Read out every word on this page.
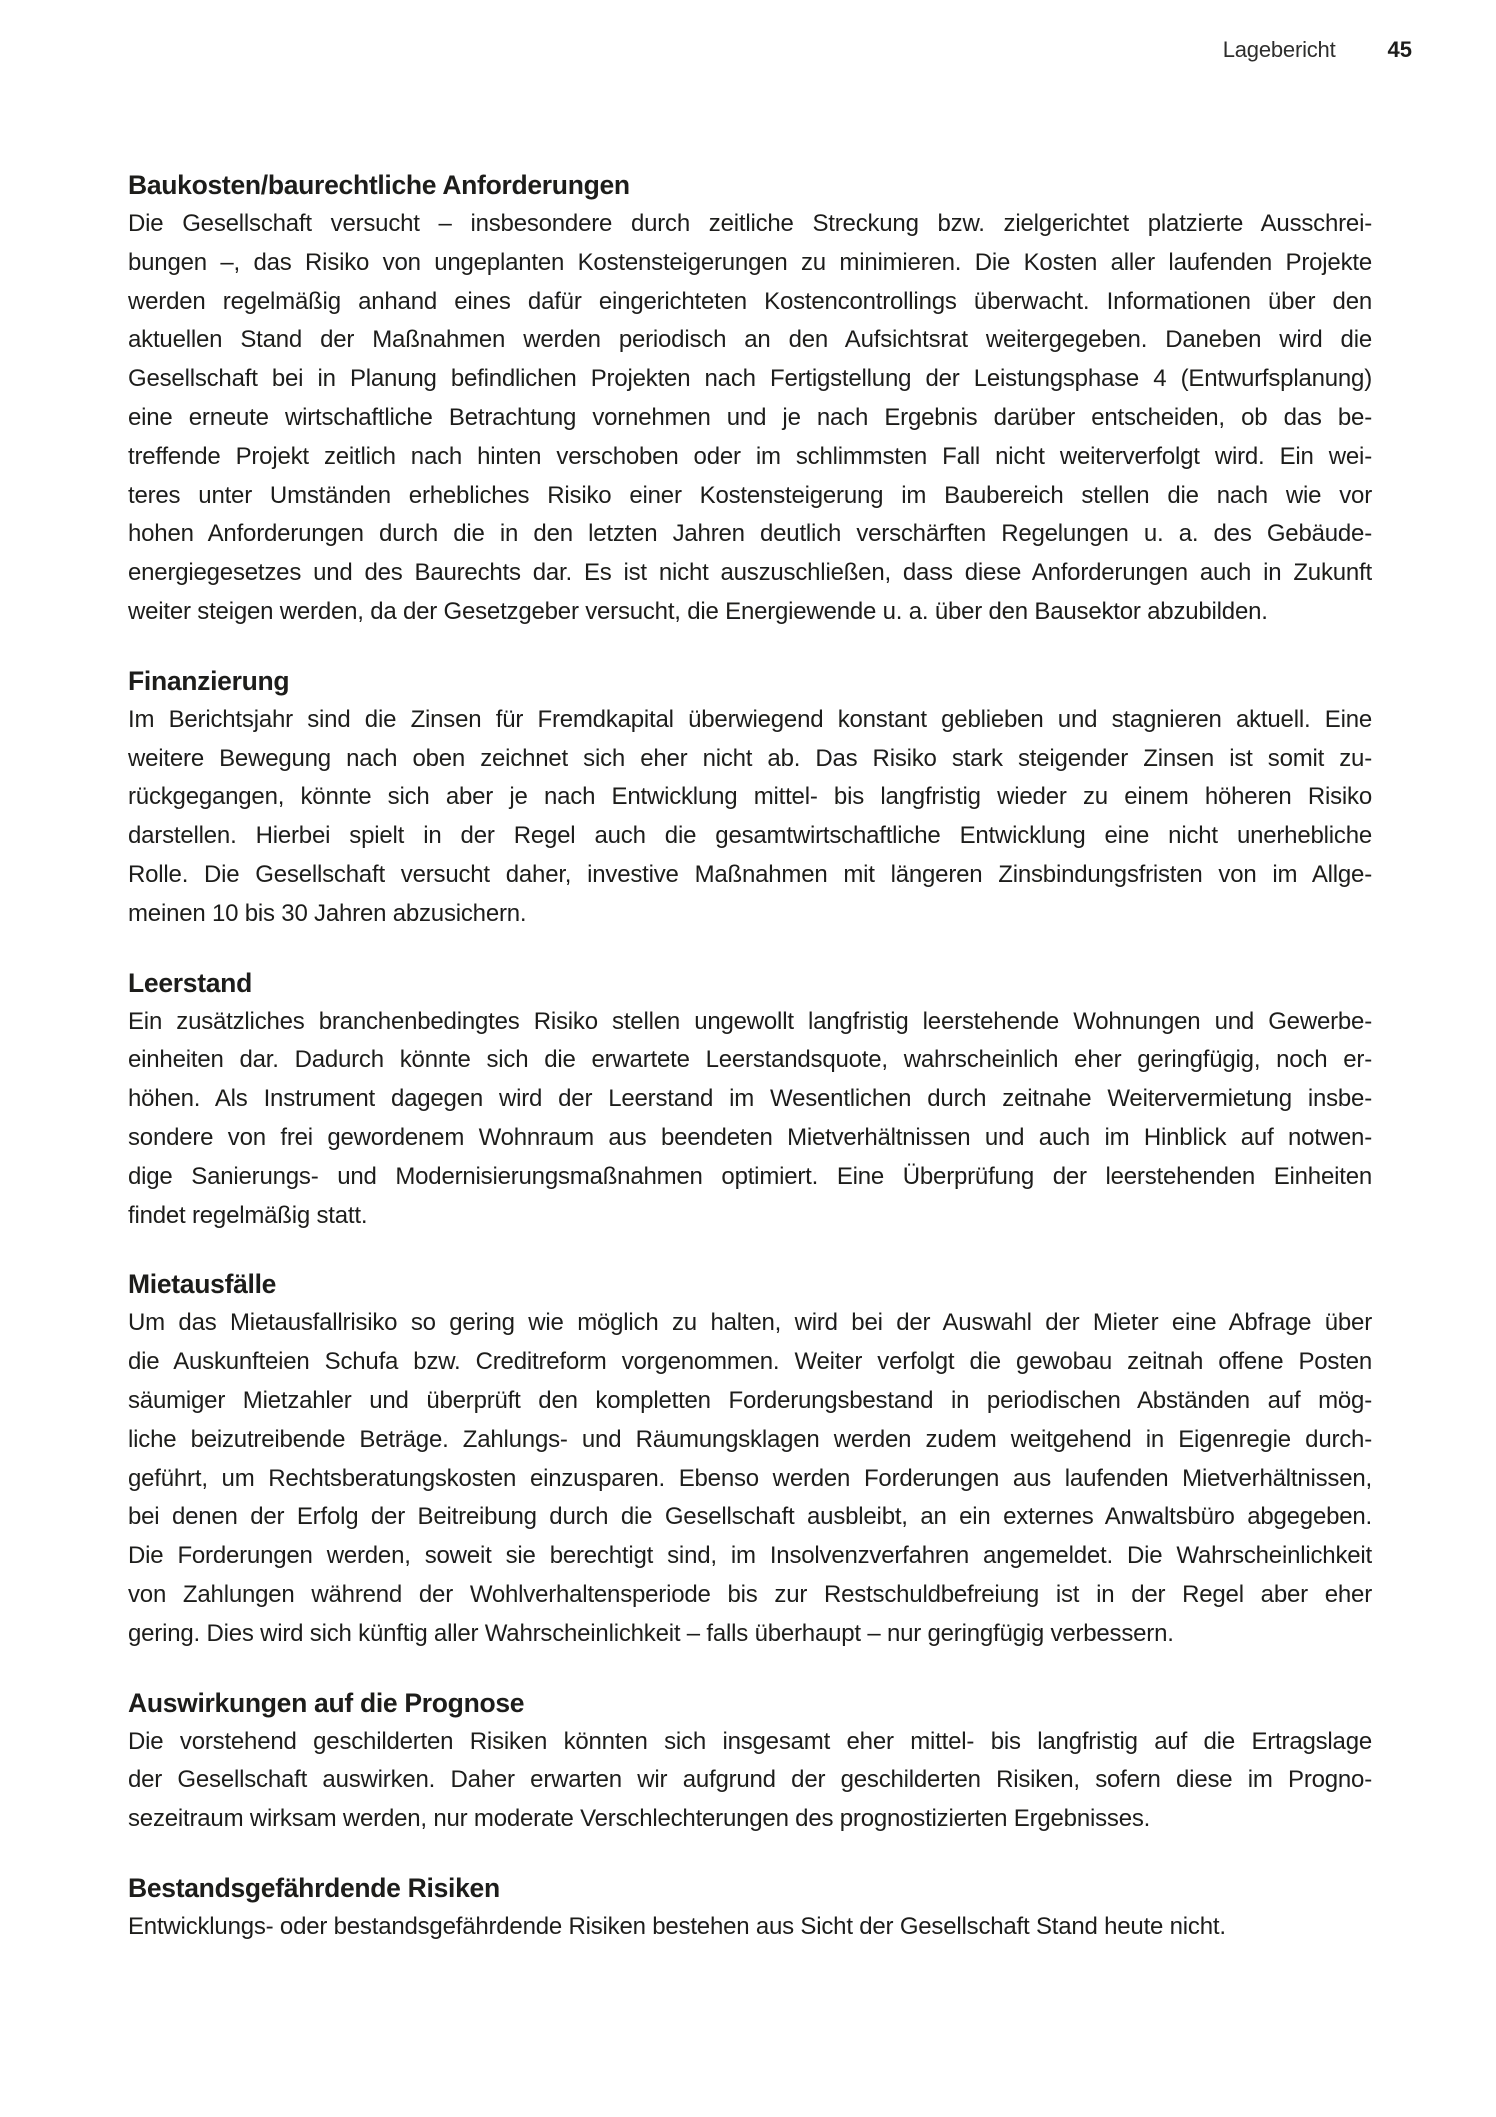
Lagebericht 45
Baukosten/baurechtliche Anforderungen
Die Gesellschaft versucht – insbesondere durch zeitliche Streckung bzw. zielgerichtet platzierte Ausschrei-
bungen –, das Risiko von ungeplanten Kostensteigerungen zu minimieren. Die Kosten aller laufenden Projekte
werden regelmäßig anhand eines dafür eingerichteten Kostencontrollings überwacht. Informationen über den
aktuellen Stand der Maßnahmen werden periodisch an den Aufsichtsrat weitergegeben. Daneben wird die
Gesellschaft bei in Planung befindlichen Projekten nach Fertigstellung der Leistungsphase 4 (Entwurfsplanung)
eine erneute wirtschaftliche Betrachtung vornehmen und je nach Ergebnis darüber entscheiden, ob das be-
treffende Projekt zeitlich nach hinten verschoben oder im schlimmsten Fall nicht weiterverfolgt wird. Ein wei-
teres unter Umständen erhebliches Risiko einer Kostensteigerung im Baubereich stellen die nach wie vor
hohen Anforderungen durch die in den letzten Jahren deutlich verschärften Regelungen u. a. des Gebäude-
energiegesetzes und des Baurechts dar. Es ist nicht auszuschließen, dass diese Anforderungen auch in Zukunft
weiter steigen werden, da der Gesetzgeber versucht, die Energiewende u. a. über den Bausektor abzubilden.
Finanzierung
Im Berichtsjahr sind die Zinsen für Fremdkapital überwiegend konstant geblieben und stagnieren aktuell. Eine
weitere Bewegung nach oben zeichnet sich eher nicht ab. Das Risiko stark steigender Zinsen ist somit zu-
rückgegangen, könnte sich aber je nach Entwicklung mittel- bis langfristig wieder zu einem höheren Risiko
darstellen. Hierbei spielt in der Regel auch die gesamtwirtschaftliche Entwicklung eine nicht unerhebliche
Rolle. Die Gesellschaft versucht daher, investive Maßnahmen mit längeren Zinsbindungsfristen von im Allge-
meinen 10 bis 30 Jahren abzusichern.
Leerstand
Ein zusätzliches branchenbedingtes Risiko stellen ungewollt langfristig leerstehende Wohnungen und Gewerbe-
einheiten dar. Dadurch könnte sich die erwartete Leerstandsquote, wahrscheinlich eher geringfügig, noch er-
höhen. Als Instrument dagegen wird der Leerstand im Wesentlichen durch zeitnahe Weitervermietung insbe-
sondere von frei gewordenem Wohnraum aus beendeten Mietverhältnissen und auch im Hinblick auf notwen-
dige Sanierungs- und Modernisierungsmaßnahmen optimiert. Eine Überprüfung der leerstehenden Einheiten
findet regelmäßig statt.
Mietausfälle
Um das Mietausfallrisiko so gering wie möglich zu halten, wird bei der Auswahl der Mieter eine Abfrage über
die Auskunfteien Schufa bzw. Creditreform vorgenommen. Weiter verfolgt die gewobau zeitnah offene Posten
säumiger Mietzahler und überprüft den kompletten Forderungsbestand in periodischen Abständen auf mög-
liche beizutreibende Beträge. Zahlungs- und Räumungsklagen werden zudem weitgehend in Eigenregie durch-
geführt, um Rechtsberatungskosten einzusparen. Ebenso werden Forderungen aus laufenden Mietverhältnissen,
bei denen der Erfolg der Beitreibung durch die Gesellschaft ausbleibt, an ein externes Anwaltsbüro abgegeben.
Die Forderungen werden, soweit sie berechtigt sind, im Insolvenzverfahren angemeldet. Die Wahrscheinlichkeit
von Zahlungen während der Wohlverhaltensperiode bis zur Restschuldbefreiung ist in der Regel aber eher
gering. Dies wird sich künftig aller Wahrscheinlichkeit – falls überhaupt – nur geringfügig verbessern.
Auswirkungen auf die Prognose
Die vorstehend geschilderten Risiken könnten sich insgesamt eher mittel- bis langfristig auf die Ertragslage
der Gesellschaft auswirken. Daher erwarten wir aufgrund der geschilderten Risiken, sofern diese im Progno-
sezeitraum wirksam werden, nur moderate Verschlechterungen des prognostizierten Ergebnisses.
Bestandsgefährdende Risiken
Entwicklungs- oder bestandsgefährdende Risiken bestehen aus Sicht der Gesellschaft Stand heute nicht.
